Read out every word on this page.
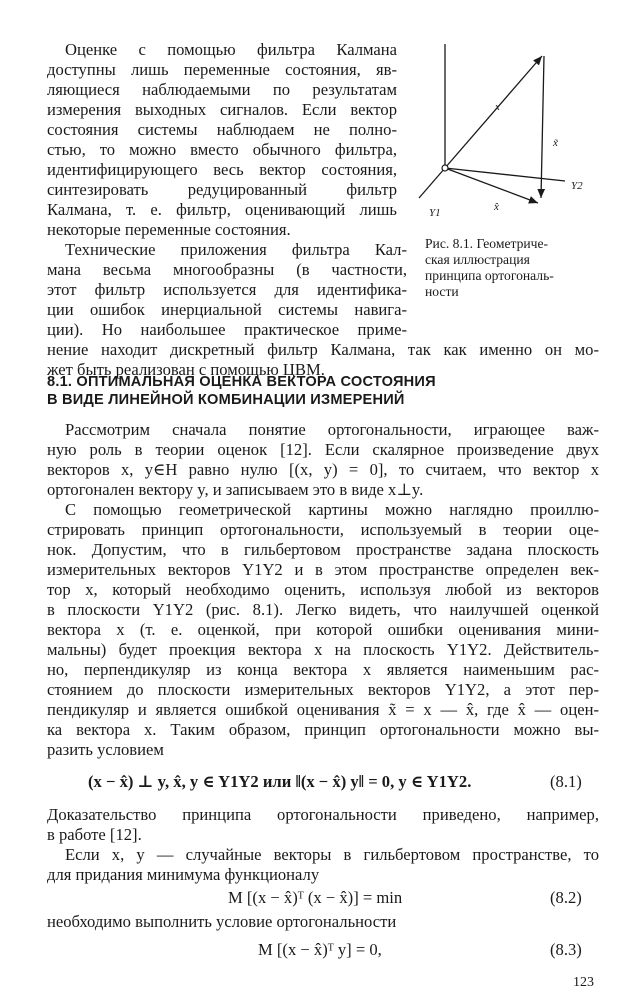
Оценке с помощью фильтра Калмана
доступны лишь переменные состояния, яв-
ляющиеся наблюдаемыми по результатам
измерения выходных сигналов. Если вектор
состояния системы наблюдаем не полно-
стью, то можно вместо обычного фильтра,
идентифицирующего весь вектор состояния,
синтезировать редуцированный фильтр
Калмана, т. е. фильтр, оценивающий лишь
некоторые переменные состояния.
Технические приложения фильтра Кал-
мана весьма многообразны (в частности,
этот фильтр используется для идентифика-
ции ошибок инерциальной системы навига-
ции). Но наибольшее практическое приме-
нение находит дискретный фильтр Калмана, так как именно он мо-
жет быть реализован с помощью ЦВМ.
x
x̃
x̂
Y2
Y1
Рис. 8.1. Геометриче-
ская иллюстрация
принципа ортогональ-
ности
8.1. ОПТИМАЛЬНАЯ ОЦЕНКА ВЕКТОРА СОСТОЯНИЯ
В ВИДЕ ЛИНЕЙНОЙ КОМБИНАЦИИ ИЗМЕРЕНИЙ
Рассмотрим сначала понятие ортогональности, играющее важ-
ную роль в теории оценок [12]. Если скалярное произведение двух
векторов x, y∈H равно нулю [(x, y) = 0], то считаем, что вектор x
ортогонален вектору y, и записываем это в виде x⊥y.
С помощью геометрической картины можно наглядно проиллю-
стрировать принцип ортогональности, используемый в теории оце-
нок. Допустим, что в гильбертовом пространстве задана плоскость
измерительных векторов Y1Y2 и в этом пространстве определен век-
тор x, который необходимо оценить, используя любой из векторов
в плоскости Y1Y2 (рис. 8.1). Легко видеть, что наилучшей оценкой
вектора x (т. е. оценкой, при которой ошибки оценивания мини-
мальны) будет проекция вектора x на плоскость Y1Y2. Действитель-
но, перпендикуляр из конца вектора x является наименьшим рас-
стоянием до плоскости измерительных векторов Y1Y2, а этот пер-
пендикуляр и является ошибкой оценивания x̃ = x — x̂, где x̂ — оцен-
ка вектора x. Таким образом, принцип ортогональности можно вы-
разить условием
(x − x̂) ⊥ y, x̂, y ∈ Y1Y2 или ‖(x − x̂) y‖ = 0, y ∈ Y1Y2.	(8.1)
Доказательство принципа ортогональности приведено, например,
в работе [12].
Если x, y — случайные векторы в гильбертовом пространстве, то
для придания минимума функционалу
M [(x − x̂)ᵀ (x − x̂)] = min	(8.2)
необходимо выполнить условие ортогональности
M [(x − x̂)ᵀ y] = 0,	(8.3)
123
